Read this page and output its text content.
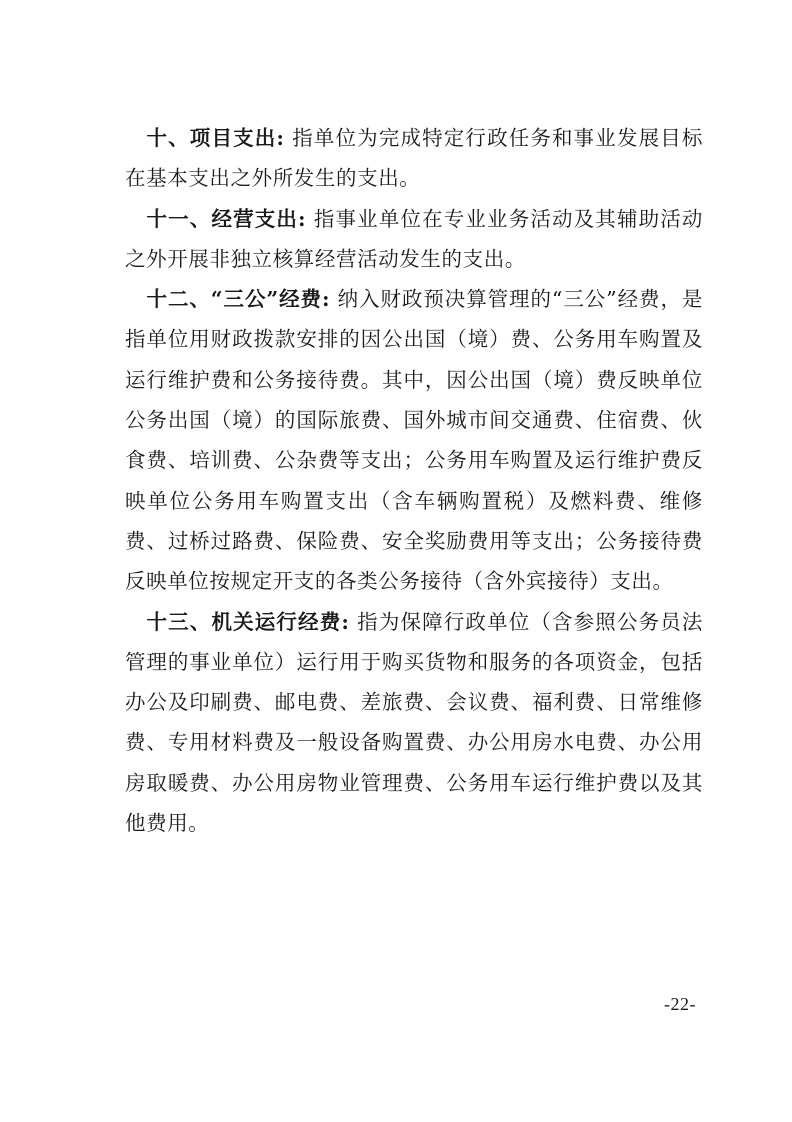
十、项目支出: 指单位为完成特定行政任务和事业发展目标在基本支出之外所发生的支出。

十一、经营支出: 指事业单位在专业业务活动及其辅助活动之外开展非独立核算经营活动发生的支出。

十二、“三公”经费: 纳入财政预决算管理的“三公”经费，是指单位用财政拨款安排的因公出国（境）费、公务用车购置及运行维护费和公务接待费。其中，因公出国（境）费反映单位公务出国（境）的国际旅费、国外城市间交通费、住宿费、伙食费、培训费、公杂费等支出；公务用车购置及运行维护费反映单位公务用车购置支出（含车辆购置税）及燃料费、维修费、过桥过路费、保险费、安全奖励费用等支出；公务接待费反映单位按规定开支的各类公务接待（含外宾接待）支出。

十三、机关运行经费: 指为保障行政单位（含参照公务员法管理的事业单位）运行用于购买货物和服务的各项资金，包括办公及印刷费、邮电费、差旅费、会议费、福利费、日常维修费、专用材料费及一般设备购置费、办公用房水电费、办公用房取暖费、办公用房物业管理费、公务用车运行维护费以及其他费用。

-22-
